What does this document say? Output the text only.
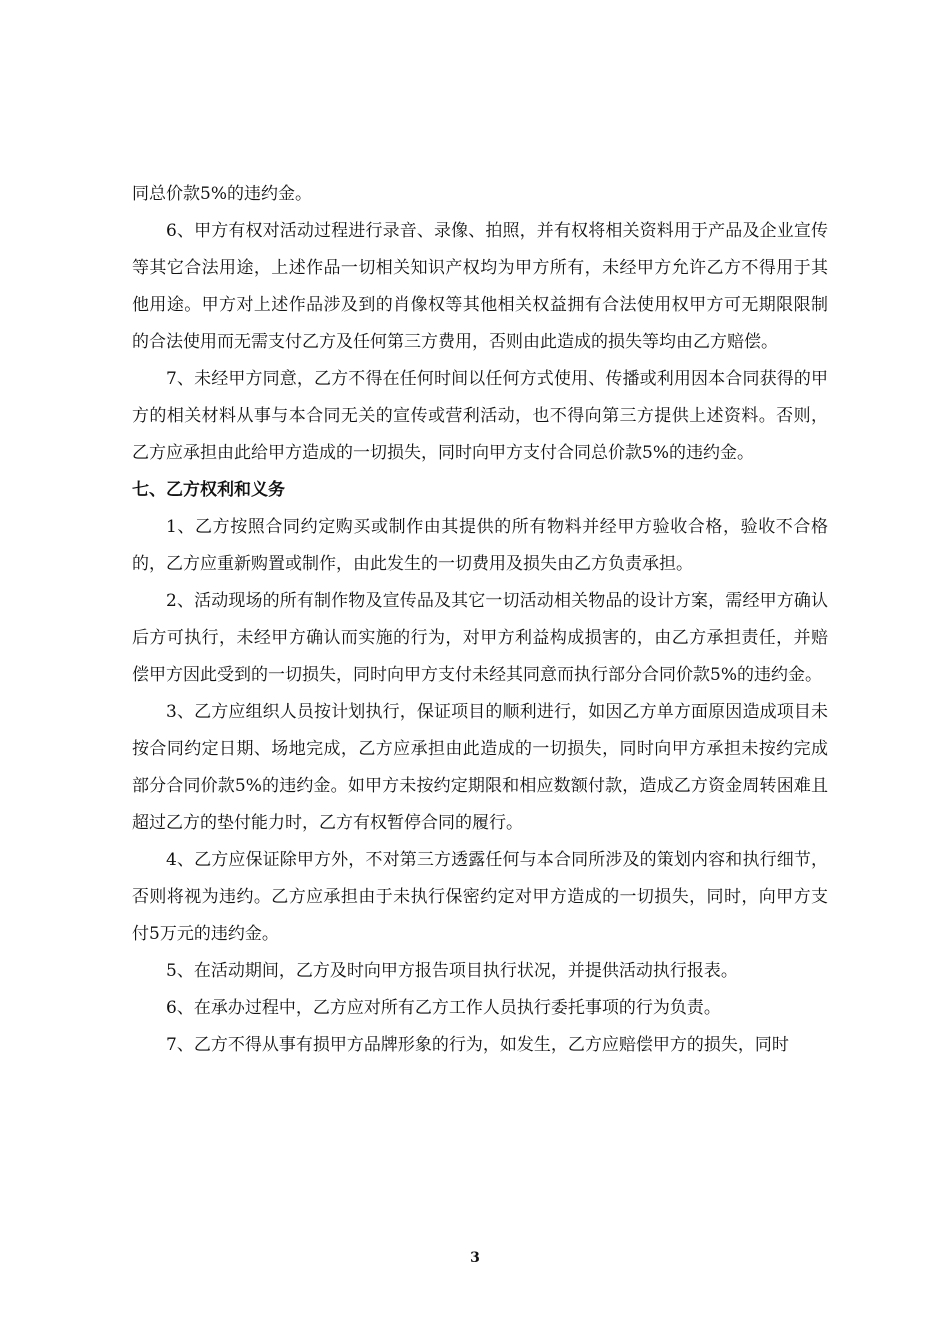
同总价款5%的违约金。

6、甲方有权对活动过程进行录音、录像、拍照，并有权将相关资料用于产品及企业宣传等其它合法用途，上述作品一切相关知识产权均为甲方所有，未经甲方允许乙方不得用于其他用途。甲方对上述作品涉及到的肖像权等其他相关权益拥有合法使用权甲方可无期限限制的合法使用而无需支付乙方及任何第三方费用，否则由此造成的损失等均由乙方赔偿。

7、未经甲方同意，乙方不得在任何时间以任何方式使用、传播或利用因本合同获得的甲方的相关材料从事与本合同无关的宣传或营利活动，也不得向第三方提供上述资料。否则，乙方应承担由此给甲方造成的一切损失，同时向甲方支付合同总价款5%的违约金。

七、乙方权利和义务

1、乙方按照合同约定购买或制作由其提供的所有物料并经甲方验收合格，验收不合格的，乙方应重新购置或制作，由此发生的一切费用及损失由乙方负责承担。

2、活动现场的所有制作物及宣传品及其它一切活动相关物品的设计方案，需经甲方确认后方可执行，未经甲方确认而实施的行为，对甲方利益构成损害的，由乙方承担责任，并赔偿甲方因此受到的一切损失，同时向甲方支付未经其同意而执行部分合同价款5%的违约金。

3、乙方应组织人员按计划执行，保证项目的顺利进行，如因乙方单方面原因造成项目未按合同约定日期、场地完成，乙方应承担由此造成的一切损失，同时向甲方承担未按约完成部分合同价款5%的违约金。如甲方未按约定期限和相应数额付款，造成乙方资金周转困难且超过乙方的垫付能力时，乙方有权暂停合同的履行。

4、乙方应保证除甲方外，不对第三方透露任何与本合同所涉及的策划内容和执行细节，否则将视为违约。乙方应承担由于未执行保密约定对甲方造成的一切损失，同时，向甲方支付5万元的违约金。

5、在活动期间，乙方及时向甲方报告项目执行状况，并提供活动执行报表。

6、在承办过程中，乙方应对所有乙方工作人员执行委托事项的行为负责。

7、乙方不得从事有损甲方品牌形象的行为，如发生，乙方应赔偿甲方的损失，同时

3
